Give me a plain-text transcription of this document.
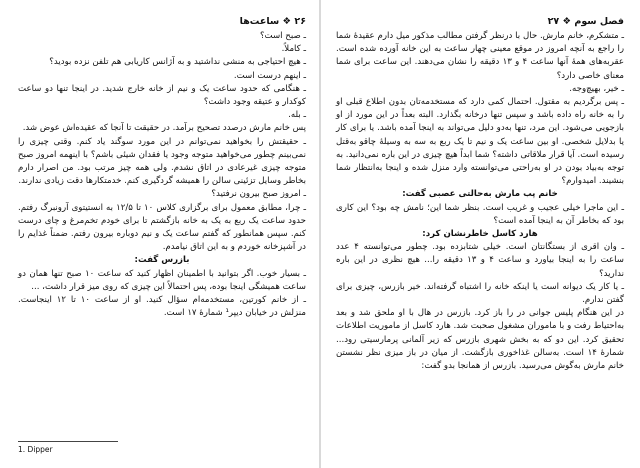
۲۶ ❖ ساعت‌ها

ـ صبح است؟

ـ کاملاً.

ـ هیچ احتیاجی به منشی نداشتید و به آژانس کاریابی هم تلفن نزده بودید؟

ـ اینهم درست است.

ـ هنگامی که حدود ساعت یک و نیم از خانه خارج شدید. در اینجا تنها دو ساعت کوکدار و عتیقه وجود داشت؟

ـ بله.

پس خانم مارش درصدد تصحیح برآمد. در حقیقت تا آنجا که عقیده‌اش عوض شد.

ـ حقیقتش را بخواهید نمی‌توانم در این مورد سوگند یاد کنم. وقتی چیزی را نمی‌بینم چطور می‌خواهید متوجه وجود یا فقدان شیئی باشم؟ با اینهمه امروز صبح متوجه چیزی غیرعادی در اتاق نشدم. ولی همه چیز مرتب بود. من اصرار دارم بخاطر وسایل تزئینی سالن را همیشه گردگیری کنم. خدمتکارها دقت زیادی ندارند.

ـ امروز صبح بیرون نرفتید؟

ـ چرا، مطابق معمول برای برگزاری کلاس ۱۰ تا ۱۲/۵ به انستیتوی آرونبرگ رفتم. حدود ساعت یک ربع به یک به خانه بازگشتم تا برای خودم تخم‌مرغ و چای درست کنم. سپس همانطور که گفتم ساعت یک و نیم دوباره بیرون رفتم. ضمناً غذایم را در آشپزخانه خوردم و به این اتاق نیامدم.

بازرس گفت:

ـ بسیار خوب. اگر بتوانید با اطمینان اظهار کنید که ساعت ۱۰ صبح تنها همان دو ساعت همیشگی اینجا بوده، پس احتمالاً این چیزی که روی میز قرار داشت، ...

ـ از خانم کورتین، مستخدمه‌ام سؤال کنید. او از ساعت ۱۰ تا ۱۲ اینجاست. منزلش در خیابان دیپر¹ شمارهٔ ۱۷ است.

1. Dipper
فصل سوم ❖ ۲۷

ـ متشکرم، خانم مارش. حال با درنظر گرفتن مطالب مذکور میل دارم عقیدهٔ شما را راجع به آنچه امروز در موقع معینی چهار ساعت به این خانه آورده شده است. عقربه‌های همهٔ آنها ساعت ۴ و ۱۳ دقیقه را نشان می‌دهند. این ساعت برای شما معنای خاصی دارد؟

ـ خیر، بهیچ‌وجه.

ـ پس برگردیم به مقتول. احتمال کمی دارد که مستخدمه‌تان بدون اطلاع قبلی او را به خانه راه داده باشد و سپس تنها درخانه بگذارد. البته بعداً در این مورد از او بازجویی می‌شود. این مرد، تنها به‌دو دلیل می‌تواند به اینجا آمده باشد. یا برای کار یا بدلایل شخصی. او بین ساعت یک و نیم تا یک ربع به سه به وسیلهٔ چاقو به‌قتل رسیده است. آیا قرار ملاقاتی داشته؟ شما ابداً هیچ چیزی در این باره نمی‌دانید. به توجه به‌بیاد بودن در او به‌راحتی می‌توانسته وارد منزل شده و اینجا به‌انتظار شما بنشیند. امیدوارم؟

خانم پب مارش به‌حالتی عصبی گفت:

ـ این ماجرا خیلی عجیب و غریب است. بنظر شما این؛ نامش چه بود؟ این کاری بود که بخاطر آن به اینجا آمده است؟

هارد کاسل خاطرنشان کرد:

ـ وان اقری از بستگانتان است. خیلی شتابزده بود. چطور می‌توانسته ۴ عدد ساعت را به اینجا بیاورد و ساعت ۴ و ۱۳ دقیقه را... هیچ نظری در این باره ندارید؟

ـ یا کار یک دیوانه است یا اینکه خانه را اشتباه گرفته‌اند. خیر بازرس، چیزی برای گفتن ندارم.

در این هنگام پلیس جوانی در را باز کرد. بازرس در هال با او ملحق شد و بعد به‌احتیاط رفت و با ماموران مشغول صحبت شد. هارد کاسل از ماموریت اطلاعات تحقیق کرد. این دو که به بخش شهری بازرس که زیر آلمانی پرمارسیتی رود... شمارهٔ ۱۴ است. به‌سالن غذاخوری بازگشت. از میان در باز میزی نظر نشستن خانم مارش به‌گوش می‌رسید. بازرس از همانجا بدو گفت:
